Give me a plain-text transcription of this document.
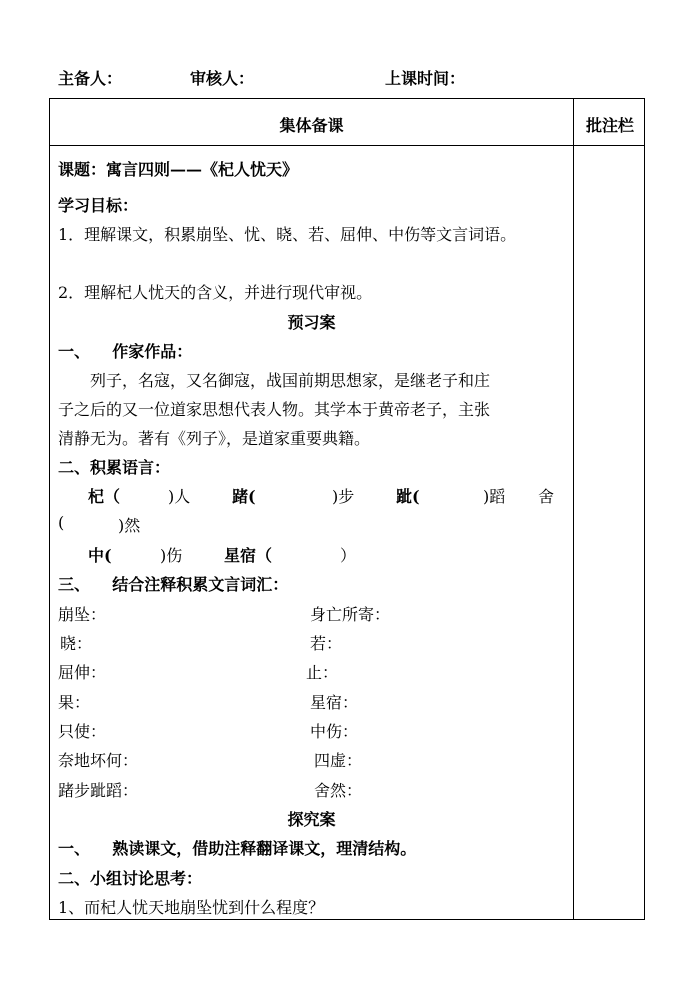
主备人：	审核人：	上课时间：
集体备课	批注栏
课题：寓言四则——《杞人忧天》
学习目标：
1．理解课文，积累崩坠、忧、晓、若、屈伸、中伤等文言词语。
2．理解杞人忧天的含义，并进行现代审视。
预习案
一、    作家作品：
列子，名寇，又名御寇，战国前期思想家，是继老子和庄
子之后的又一位道家思想代表人物。其学本于黄帝老子，主张
清静无为。著有《列子》，是道家重要典籍。
二、积累语言：
杞（	)人	踷(	)步	跐(	)蹈 舍
(	)然
中(	)伤	星宿（	）
三、    结合注释积累文言词汇：
崩坠：	身亡所寄：
晓：	若：
屈伸：	止：
果：	星宿：
只使：	中伤：
奈地坏何：	四虚：
踷步跐蹈：	舍然：
探究案
一、    熟读课文，借助注释翻译课文，理清结构。
二、小组讨论思考：
1、而杞人忧天地崩坠忧到什么程度？
